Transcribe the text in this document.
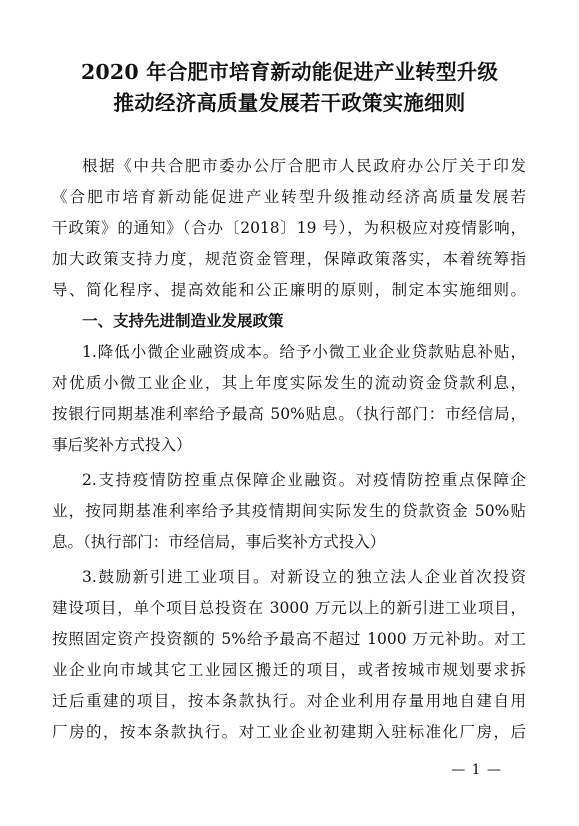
2020 年合肥市培育新动能促进产业转型升级
推动经济高质量发展若干政策实施细则
根据《中共合肥市委办公厅合肥市人民政府办公厅关于印发
《合肥市培育新动能促进产业转型升级推动经济高质量发展若
干政策》的通知》（合办〔2018〕19 号），为积极应对疫情影响，
加大政策支持力度，规范资金管理，保障政策落实，本着统筹指
导、简化程序、提高效能和公正廉明的原则，制定本实施细则。
一、支持先进制造业发展政策
1.降低小微企业融资成本。给予小微工业企业贷款贴息补贴，
对优质小微工业企业，其上年度实际发生的流动资金贷款利息，
按银行同期基准利率给予最高 50%贴息。（执行部门：市经信局，
事后奖补方式投入）
2.支持疫情防控重点保障企业融资。对疫情防控重点保障企
业，按同期基准利率给予其疫情期间实际发生的贷款资金 50%贴
息。（执行部门：市经信局，事后奖补方式投入）
3.鼓励新引进工业项目。对新设立的独立法人企业首次投资
建设项目，单个项目总投资在 3000 万元以上的新引进工业项目，
按照固定资产投资额的 5%给予最高不超过 1000 万元补助。对工
业企业向市域其它工业园区搬迁的项目，或者按城市规划要求拆
迁后重建的项目，按本条款执行。对企业利用存量用地自建自用
厂房的，按本条款执行。对工业企业初建期入驻标准化厂房，后
— 1 —
